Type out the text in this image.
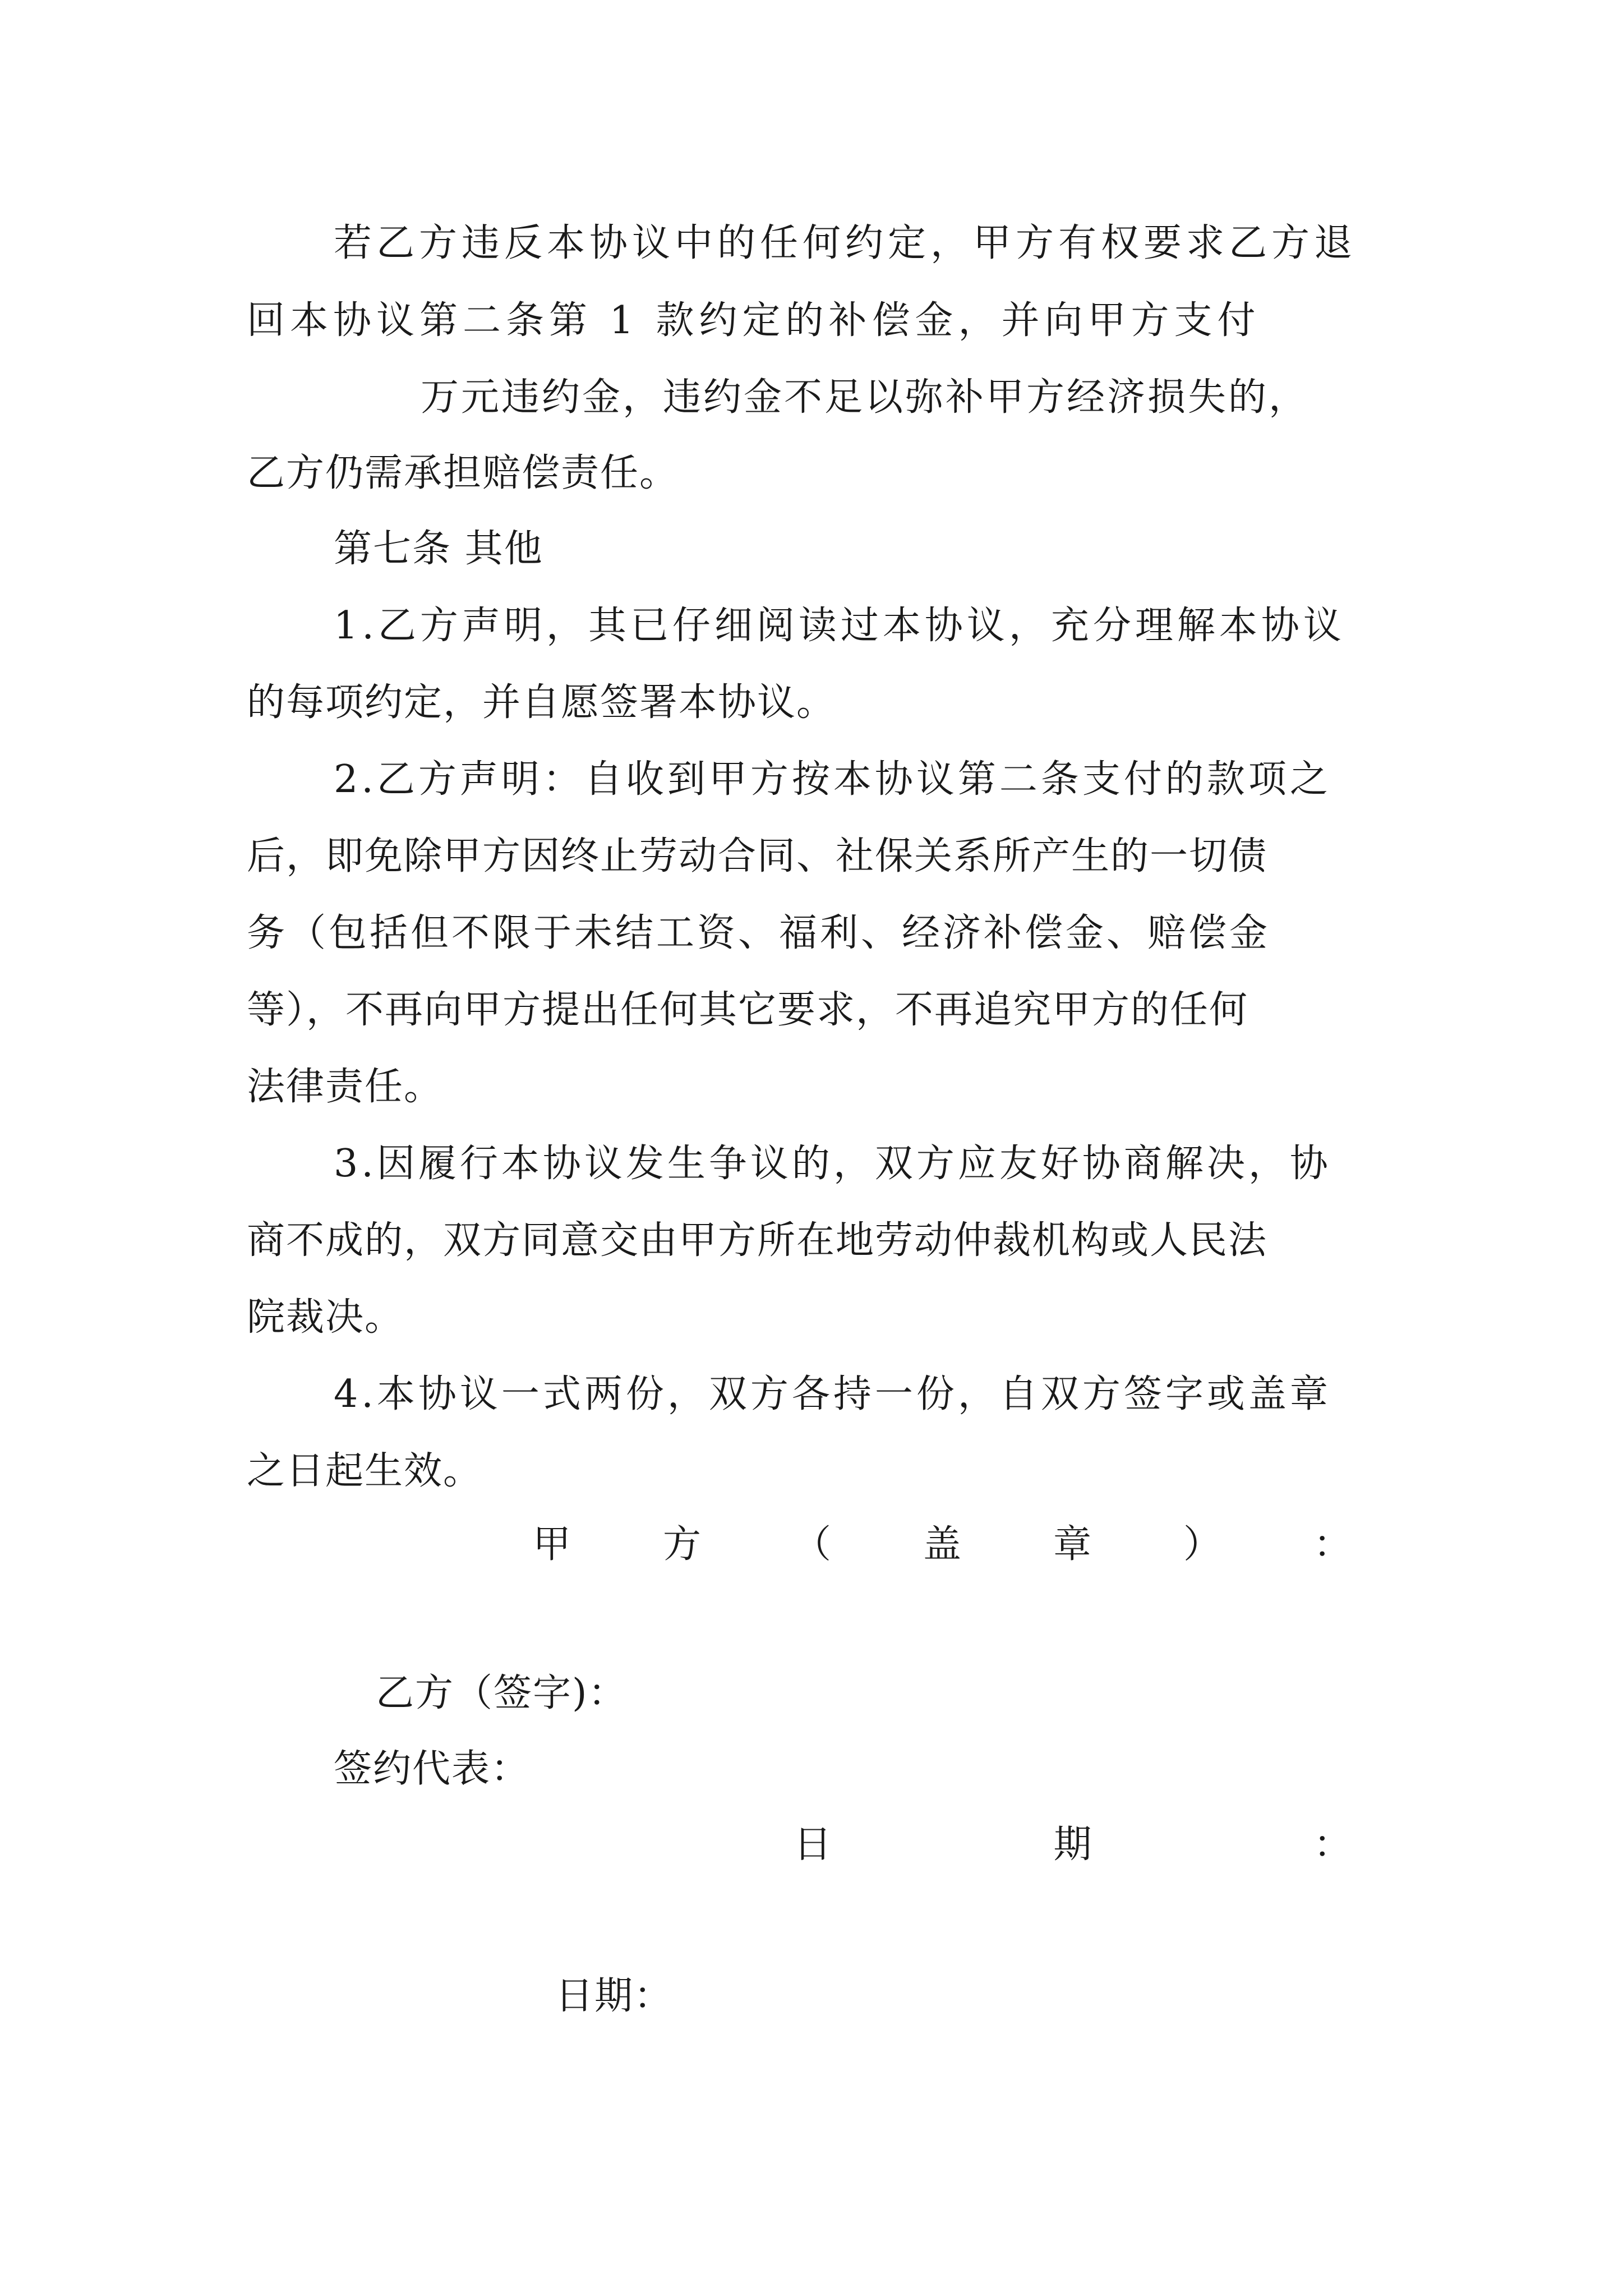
若乙方违反本协议中的任何约定，甲方有权要求乙方退
回本协议第二条第 1 款约定的补偿金，并向甲方支付
万元违约金，违约金不足以弥补甲方经济损失的，
乙方仍需承担赔偿责任。
第七条 其他
1.乙方声明，其已仔细阅读过本协议，充分理解本协议
的每项约定，并自愿签署本协议。
2.乙方声明：自收到甲方按本协议第二条支付的款项之
后，即免除甲方因终止劳动合同、社保关系所产生的一切债
务（包括但不限于未结工资、福利、经济补偿金、赔偿金
等），不再向甲方提出任何其它要求，不再追究甲方的任何
法律责任。
3.因履行本协议发生争议的，双方应友好协商解决，协
商不成的，双方同意交由甲方所在地劳动仲裁机构或人民法
院裁决。
4.本协议一式两份，双方各持一份，自双方签字或盖章
之日起生效。
甲 方 （ 盖 章 ） ：
乙方（签字)：
签约代表：
日	期	：
日期：
